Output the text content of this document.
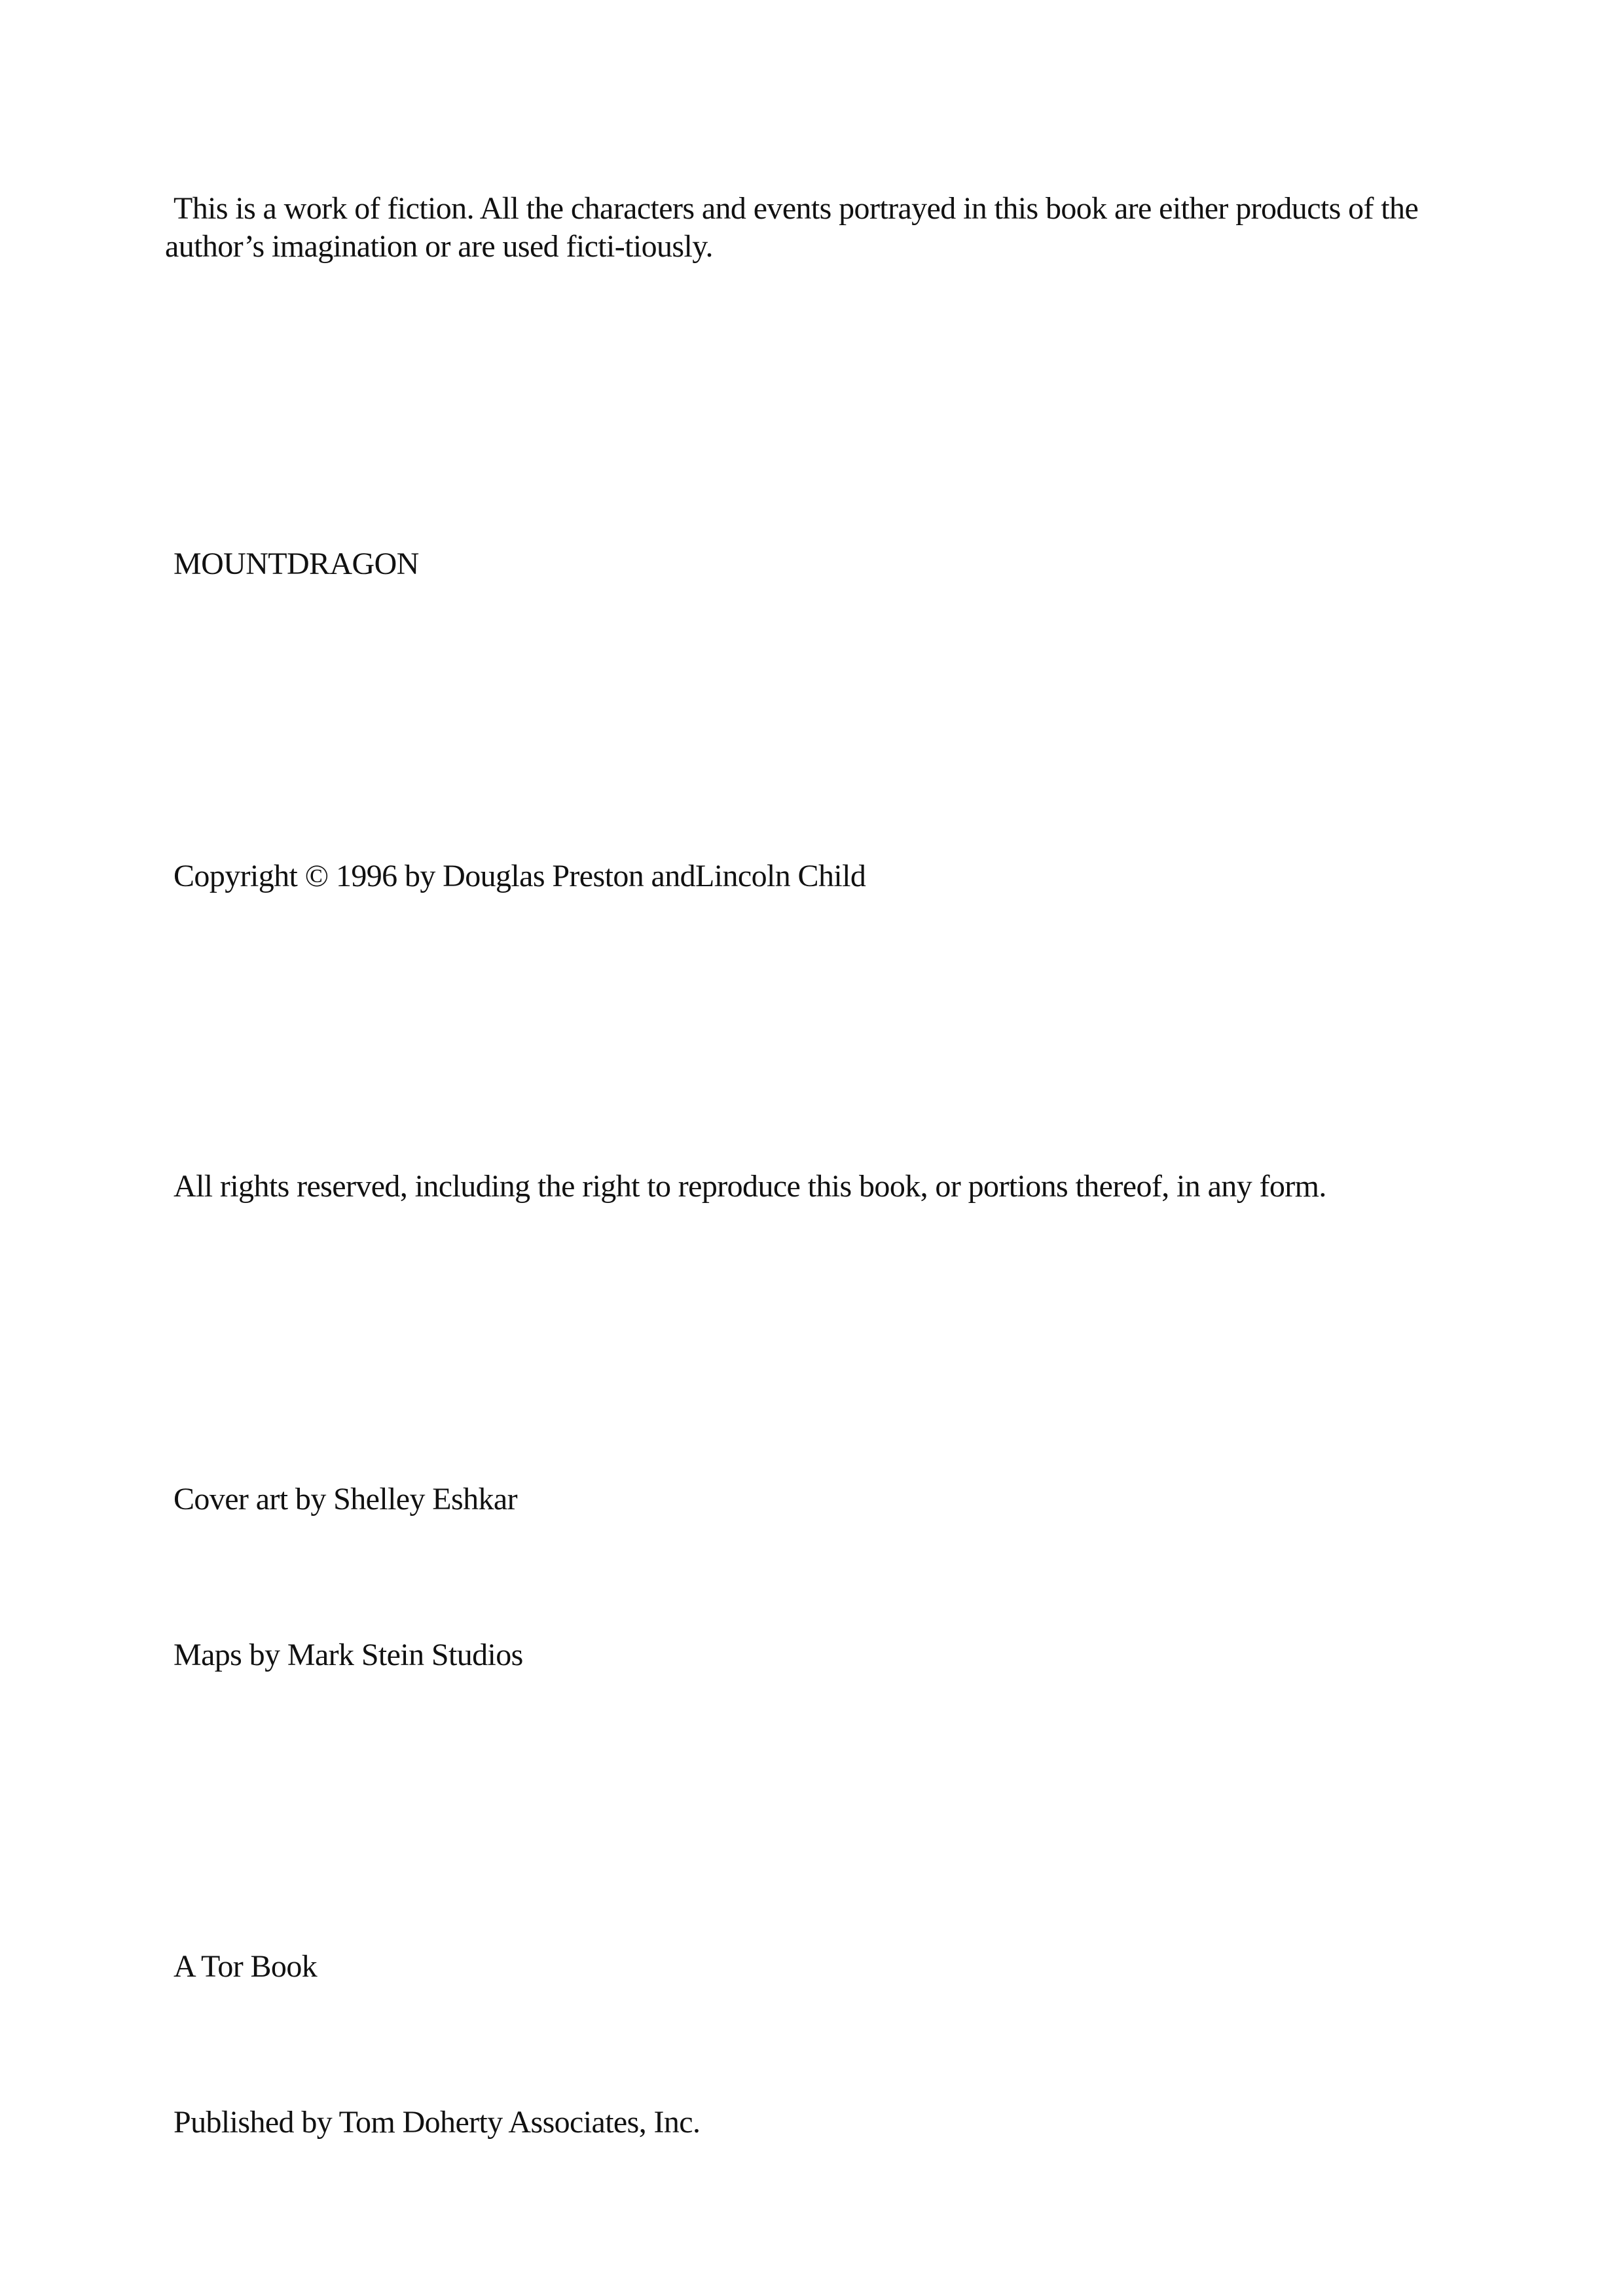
This is a work of fiction. All the characters and events portrayed in this book are either products of the
author’s imagination or are used ficti-tiously.
MOUNTDRAGON
Copyright © 1996 by Douglas Preston andLincoln Child
All rights reserved, including the right to reproduce this book, or portions thereof, in any form.
Cover art by Shelley Eshkar
Maps by Mark Stein Studios
A Tor Book
Published by Tom Doherty Associates, Inc.
